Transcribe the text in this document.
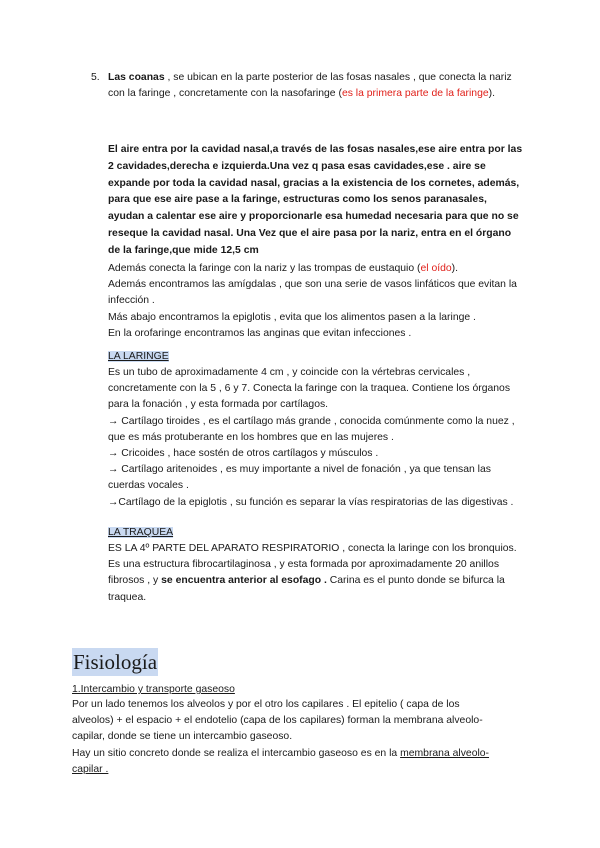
5. Las coanas , se ubican en la parte posterior de las fosas nasales , que conecta la nariz con la faringe , concretamente con la nasofaringe (es la primera parte de la faringe).

El aire entra por la cavidad nasal,a través de las fosas nasales,ese aire entra por las 2 cavidades,derecha e izquierda.Una vez q pasa esas cavidades,ese . aire se expande por toda la cavidad nasal, gracias a la existencia de los cornetes, además, para que ese aire pase a la faringe, estructuras como los senos paranasales, ayudan a calentar ese aire y proporcionarle esa humedad necesaria para que no se reseque la cavidad nasal. Una Vez que el aire pasa por la nariz, entra en el órgano de la faringe,que mide 12,5 cm

Además conecta la faringe con la nariz y las trompas de eustaquio (el oído).
Además encontramos las amígdalas , que son una serie de vasos linfáticos que evitan la infección .
Más abajo encontramos la epiglotis , evita que los alimentos pasen a la laringe .
En la orofaringe encontramos las anginas que evitan infecciones .

LA LARINGE

Es un tubo de aproximadamente 4 cm , y coincide con la vértebras cervicales , concretamente con la 5 , 6 y 7. Conecta la faringe con la traquea. Contiene los órganos para la fonación , y esta formada por cartílagos.
→ Cartílago tiroides , es el cartílago más grande , conocida comúnmente como la nuez , que es más protuberante en los hombres que en las mujeres .
→ Cricoides , hace sostén de otros cartílagos y músculos .
→ Cartílago aritenoides , es muy importante a nivel de fonación , ya que tensan las cuerdas vocales .
→Cartílago de la epiglotis , su función es separar la vías respiratorias de las digestivas .

LA TRAQUEA

ES LA 4º PARTE DEL APARATO RESPIRATORIO , conecta la laringe con los bronquios. Es una estructura fibrocartilaginosa , y esta formada por aproximadamente 20 anillos fibrosos , y se encuentra anterior al esofago . Carina es el punto donde se bifurca la traquea.

Fisiología

1.Intercambio y transporte gaseoso

Por un lado tenemos los alveolos y por el otro los capilares . El epitelio ( capa de los alveolos) + el espacio + el endotelio (capa de los capilares) forman la membrana alveolo-capilar, donde se tiene un intercambio gaseoso.
Hay un sitio concreto donde se realiza el intercambio gaseoso es en la membrana alveolo-capilar .
